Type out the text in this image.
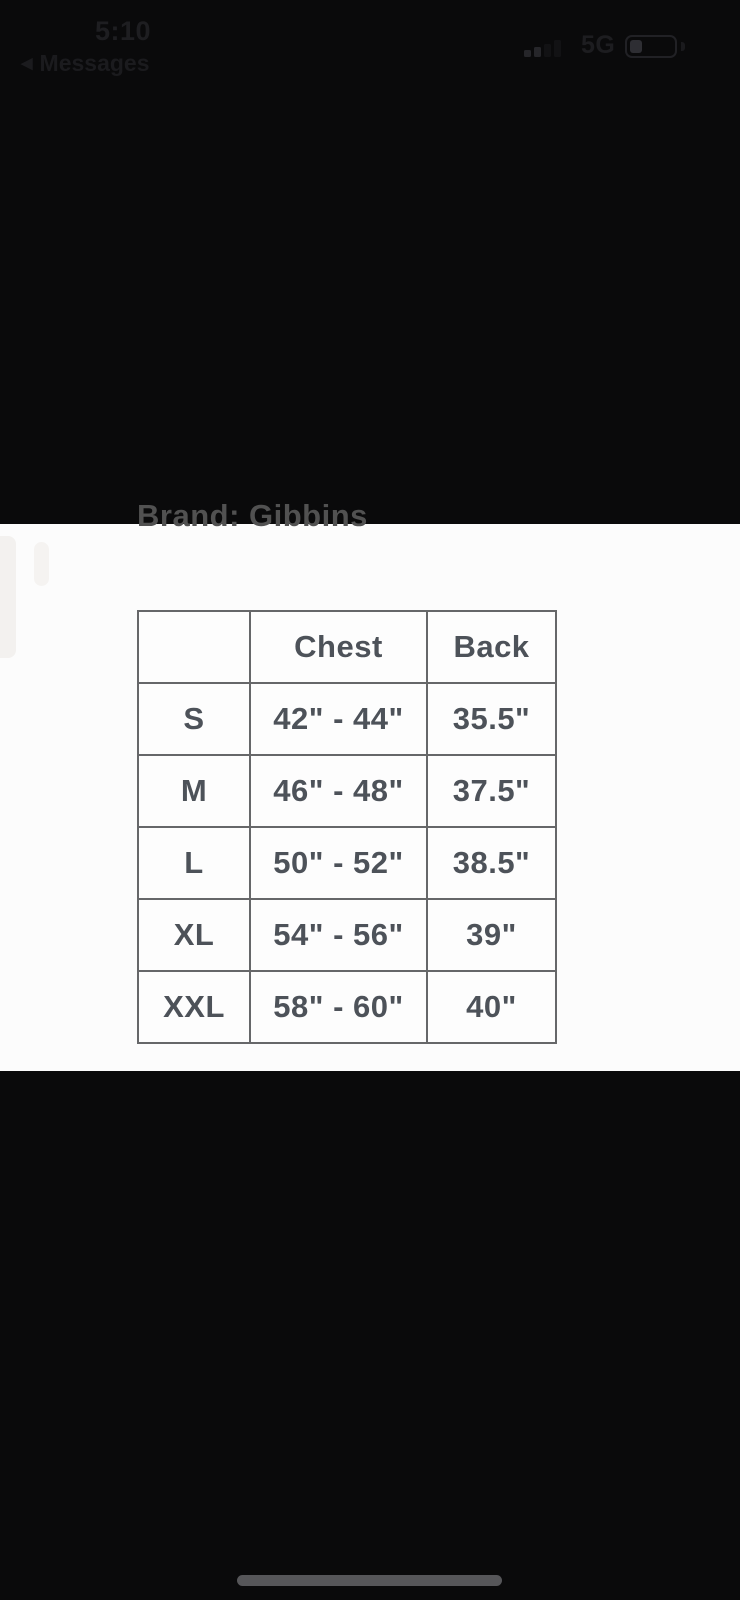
5:10
◀ Messages
5G
Brand: Gibbins
	Chest	Back
S	42" - 44"	35.5"
M	46" - 48"	37.5"
L	50" - 52"	38.5"
XL	54" - 56"	39"
XXL	58" - 60"	40"
